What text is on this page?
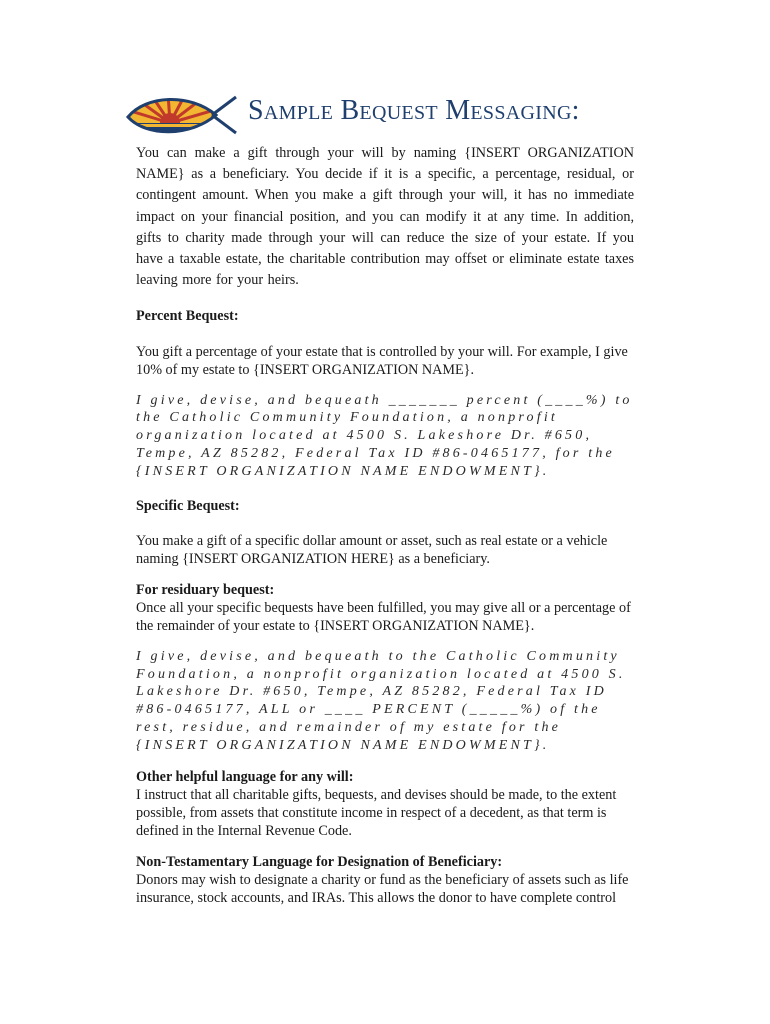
Sample Bequest Messaging:

You can make a gift through your will by naming {INSERT ORGANIZATION NAME} as a beneficiary. You decide if it is a specific, a percentage, residual, or contingent amount. When you make a gift through your will, it has no immediate impact on your financial position, and you can modify it at any time. In addition, gifts to charity made through your will can reduce the size of your estate. If you have a taxable estate, the charitable contribution may offset or eliminate estate taxes leaving more for your heirs.

Percent Bequest:

You gift a percentage of your estate that is controlled by your will. For example, I give 10% of my estate to {INSERT ORGANIZATION NAME}.

I give, devise, and bequeath _______ percent (____%) to the Catholic Community Foundation, a nonprofit organization located at 4500 S. Lakeshore Dr. #650, Tempe, AZ 85282, Federal Tax ID #86-0465177, for the {INSERT ORGANIZATION NAME ENDOWMENT}.

Specific Bequest:

You make a gift of a specific dollar amount or asset, such as real estate or a vehicle naming {INSERT ORGANIZATION HERE} as a beneficiary.

For residuary bequest:

Once all your specific bequests have been fulfilled, you may give all or a percentage of the remainder of your estate to {INSERT ORGANIZATION NAME}.

I give, devise, and bequeath to the Catholic Community Foundation, a nonprofit organization located at 4500 S. Lakeshore Dr. #650, Tempe, AZ 85282, Federal Tax ID #86-0465177, ALL or ____ PERCENT (_____%) of the rest, residue, and remainder of my estate for the {INSERT ORGANIZATION NAME ENDOWMENT}.

Other helpful language for any will:

I instruct that all charitable gifts, bequests, and devises should be made, to the extent possible, from assets that constitute income in respect of a decedent, as that term is defined in the Internal Revenue Code.

Non-Testamentary Language for Designation of Beneficiary:

Donors may wish to designate a charity or fund as the beneficiary of assets such as life insurance, stock accounts, and IRAs. This allows the donor to have complete control
